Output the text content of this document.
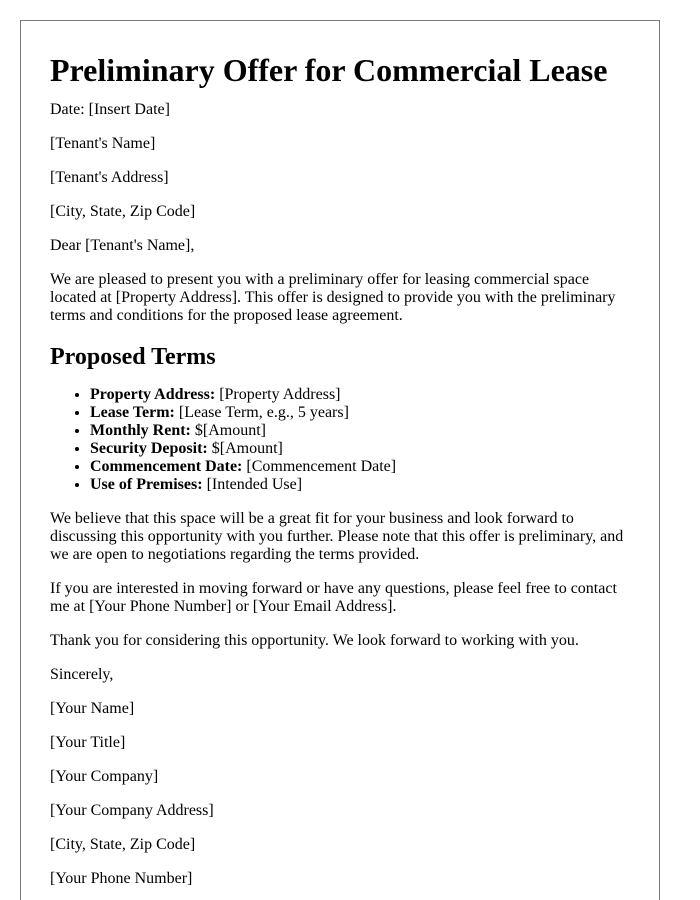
Preliminary Offer for Commercial Lease

Date: [Insert Date]

[Tenant's Name]

[Tenant's Address]

[City, State, Zip Code]

Dear [Tenant's Name],

We are pleased to present you with a preliminary offer for leasing commercial space located at [Property Address]. This offer is designed to provide you with the preliminary terms and conditions for the proposed lease agreement.

Proposed Terms
• Property Address: [Property Address]
• Lease Term: [Lease Term, e.g., 5 years]
• Monthly Rent: $[Amount]
• Security Deposit: $[Amount]
• Commencement Date: [Commencement Date]
• Use of Premises: [Intended Use]

We believe that this space will be a great fit for your business and look forward to discussing this opportunity with you further. Please note that this offer is preliminary, and we are open to negotiations regarding the terms provided.

If you are interested in moving forward or have any questions, please feel free to contact me at [Your Phone Number] or [Your Email Address].

Thank you for considering this opportunity. We look forward to working with you.

Sincerely,

[Your Name]

[Your Title]

[Your Company]

[Your Company Address]

[City, State, Zip Code]

[Your Phone Number]
